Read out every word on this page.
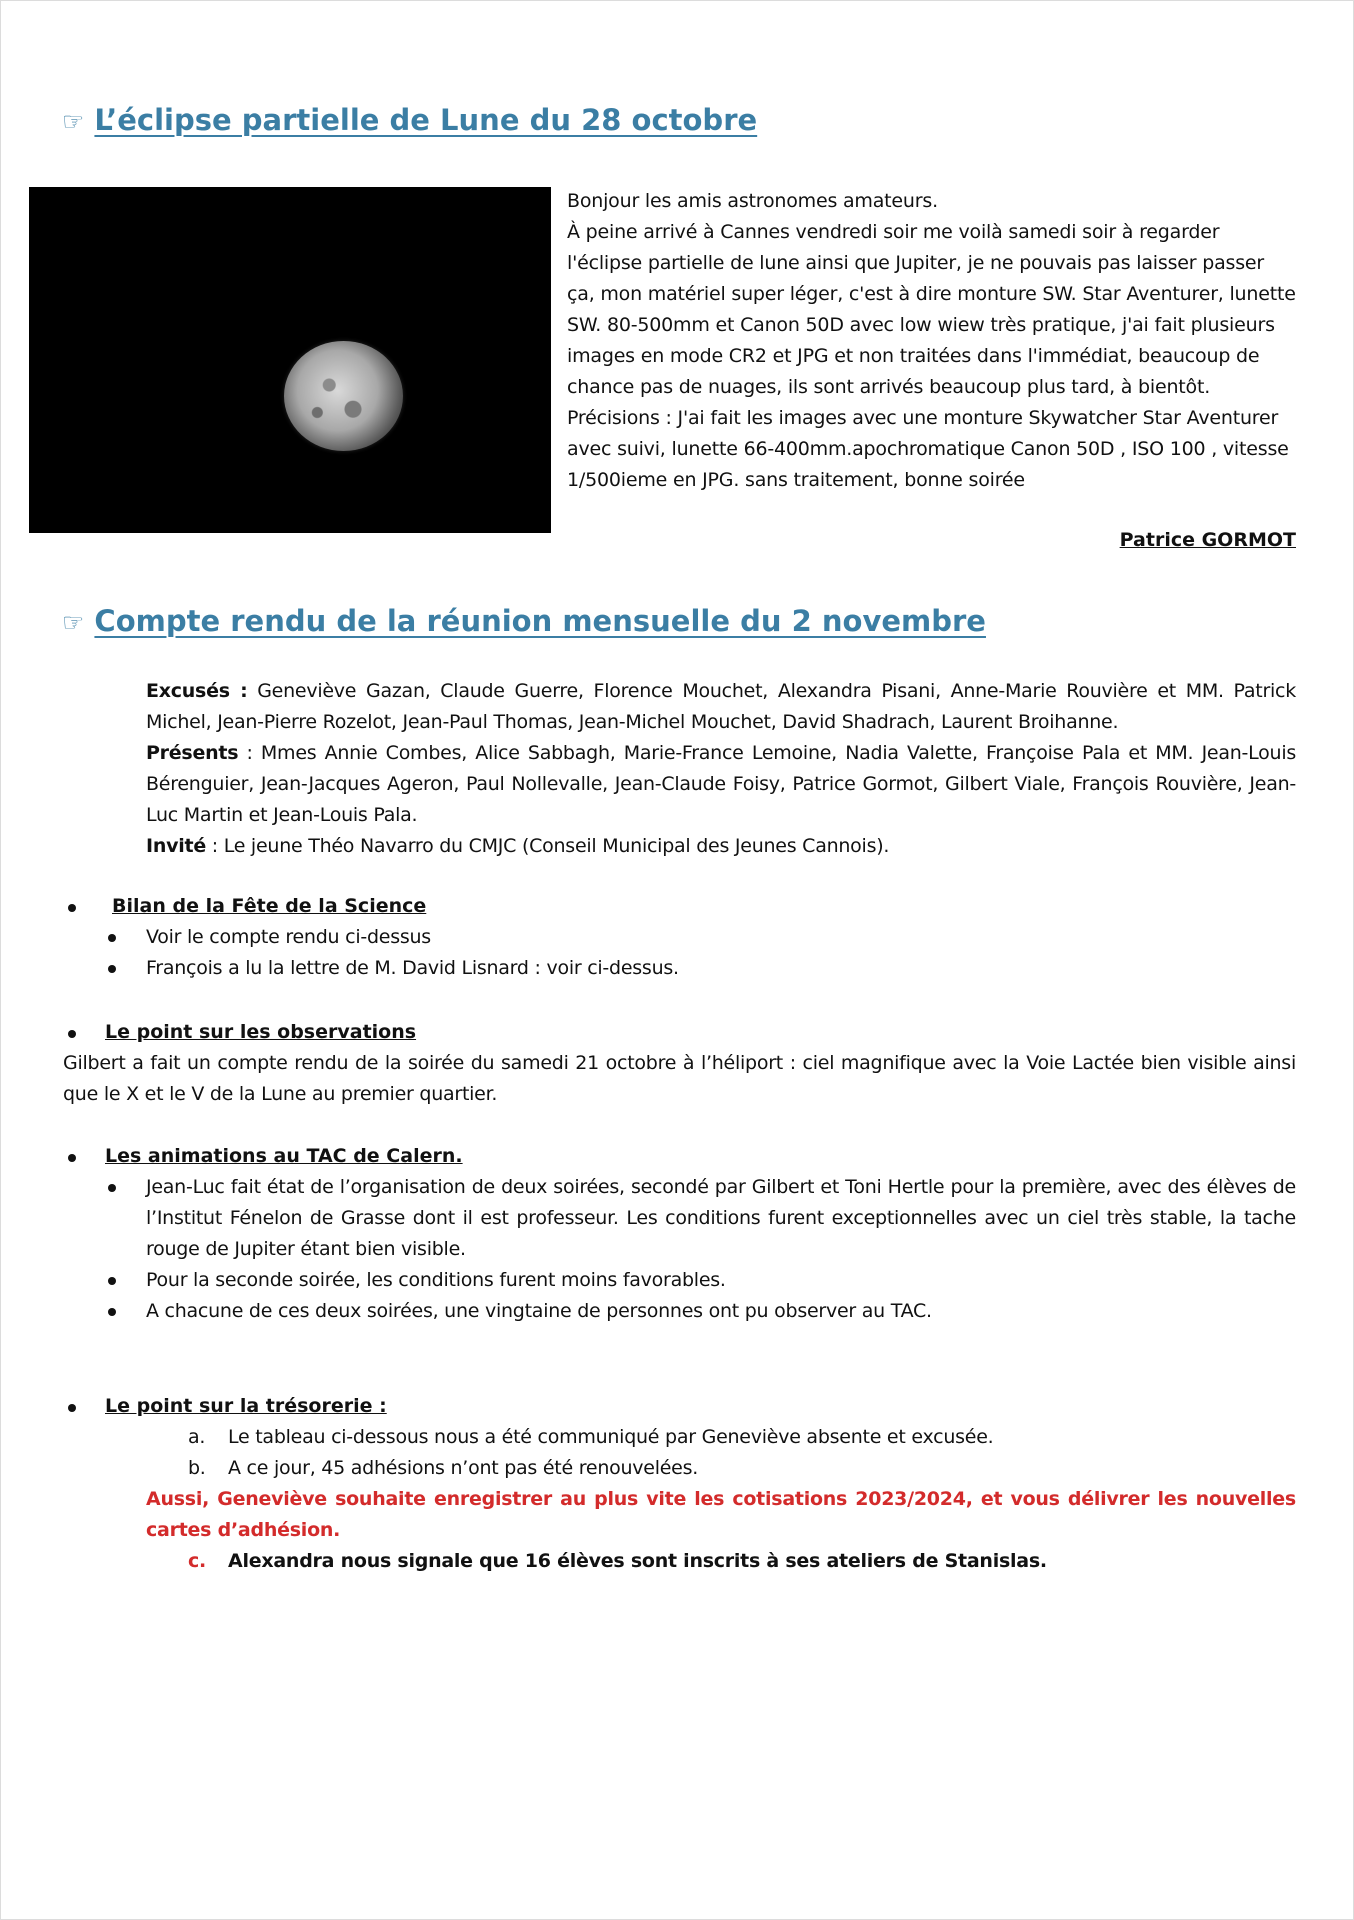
☞ L’éclipse partielle de Lune du 28 octobre

Bonjour les amis astronomes amateurs.

À peine arrivé à Cannes vendredi soir me voilà samedi soir à regarder l'éclipse partielle de lune ainsi que Jupiter, je ne pouvais pas laisser passer ça, mon matériel super léger, c'est à dire monture SW. Star Aventurer, lunette SW. 80-500mm et Canon 50D avec low wiew très pratique, j'ai fait plusieurs images en mode CR2 et JPG et non traitées dans l'immédiat, beaucoup de chance pas de nuages, ils sont arrivés beaucoup plus tard, à bientôt.

Précisions : J'ai fait les images avec une monture Skywatcher Star Aventurer avec suivi, lunette 66-400mm.apochromatique Canon 50D , ISO 100 , vitesse 1/500ieme en JPG. sans traitement, bonne soirée

Patrice GORMOT
☞ Compte rendu de la réunion mensuelle du 2 novembre

Excusés : Geneviève Gazan, Claude Guerre, Florence Mouchet, Alexandra Pisani, Anne-Marie Rouvière et MM. Patrick Michel, Jean-Pierre Rozelot, Jean-Paul Thomas, Jean-Michel Mouchet, David Shadrach, Laurent Broihanne.

Présents : Mmes Annie Combes, Alice Sabbagh, Marie-France Lemoine, Nadia Valette, Françoise Pala et MM. Jean-Louis Bérenguier, Jean-Jacques Ageron, Paul Nollevalle, Jean-Claude Foisy, Patrice Gormot, Gilbert Viale, François Rouvière, Jean-Luc Martin et Jean-Louis Pala.

Invité : Le jeune Théo Navarro du CMJC (Conseil Municipal des Jeunes Cannois).

Bilan de la Fête de la Science
Voir le compte rendu ci-dessus
François a lu la lettre de M. David Lisnard : voir ci-dessus.
Le point sur les observations

Gilbert a fait un compte rendu de la soirée du samedi 21 octobre à l’héliport : ciel magnifique avec la Voie Lactée bien visible ainsi que le X et le V de la Lune au premier quartier.

Les animations au TAC de Calern.
Jean-Luc fait état de l’organisation de deux soirées, secondé par Gilbert et Toni Hertle pour la première, avec des élèves de l’Institut Fénelon de Grasse dont il est professeur. Les conditions furent exceptionnelles avec un ciel très stable, la tache rouge de Jupiter étant bien visible.
Pour la seconde soirée, les conditions furent moins favorables.
A chacune de ces deux soirées, une vingtaine de personnes ont pu observer au TAC.
Le point sur la trésorerie :
a.	Le tableau ci-dessous nous a été communiqué par Geneviève absente et excusée.
b.	A ce jour, 45 adhésions n’ont pas été renouvelées.

Aussi, Geneviève souhaite enregistrer au plus vite les cotisations 2023/2024, et vous délivrer les nouvelles cartes d’adhésion.

c.	Alexandra nous signale que 16 élèves sont inscrits à ses ateliers de Stanislas.
